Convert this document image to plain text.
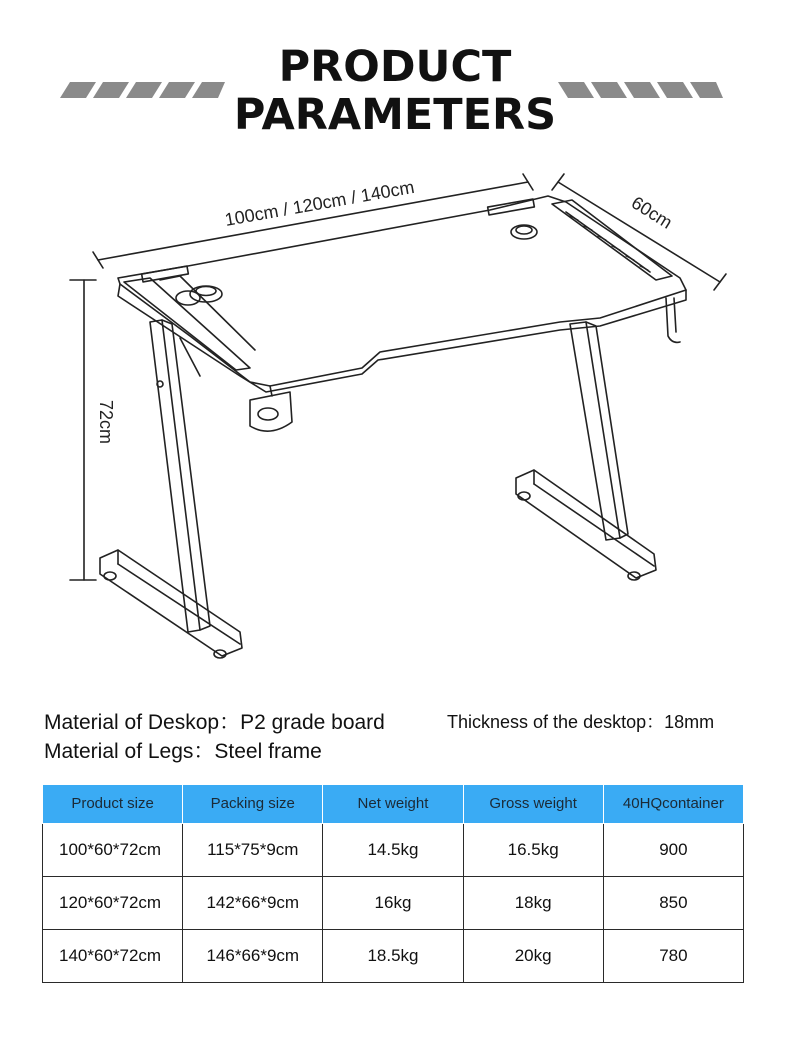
PRODUCT
PARAMETERS
100cm / 120cm / 140cm	60cm
72cm
Material of Deskop：P2 grade board
Material of Legs：Steel frame
Thickness of the desktop：18mm
Product size	Packing size	Net weight	Gross weight	40HQcontainer
100*60*72cm	115*75*9cm	14.5kg	16.5kg	900
120*60*72cm	142*66*9cm	16kg	18kg	850
140*60*72cm	146*66*9cm	18.5kg	20kg	780
